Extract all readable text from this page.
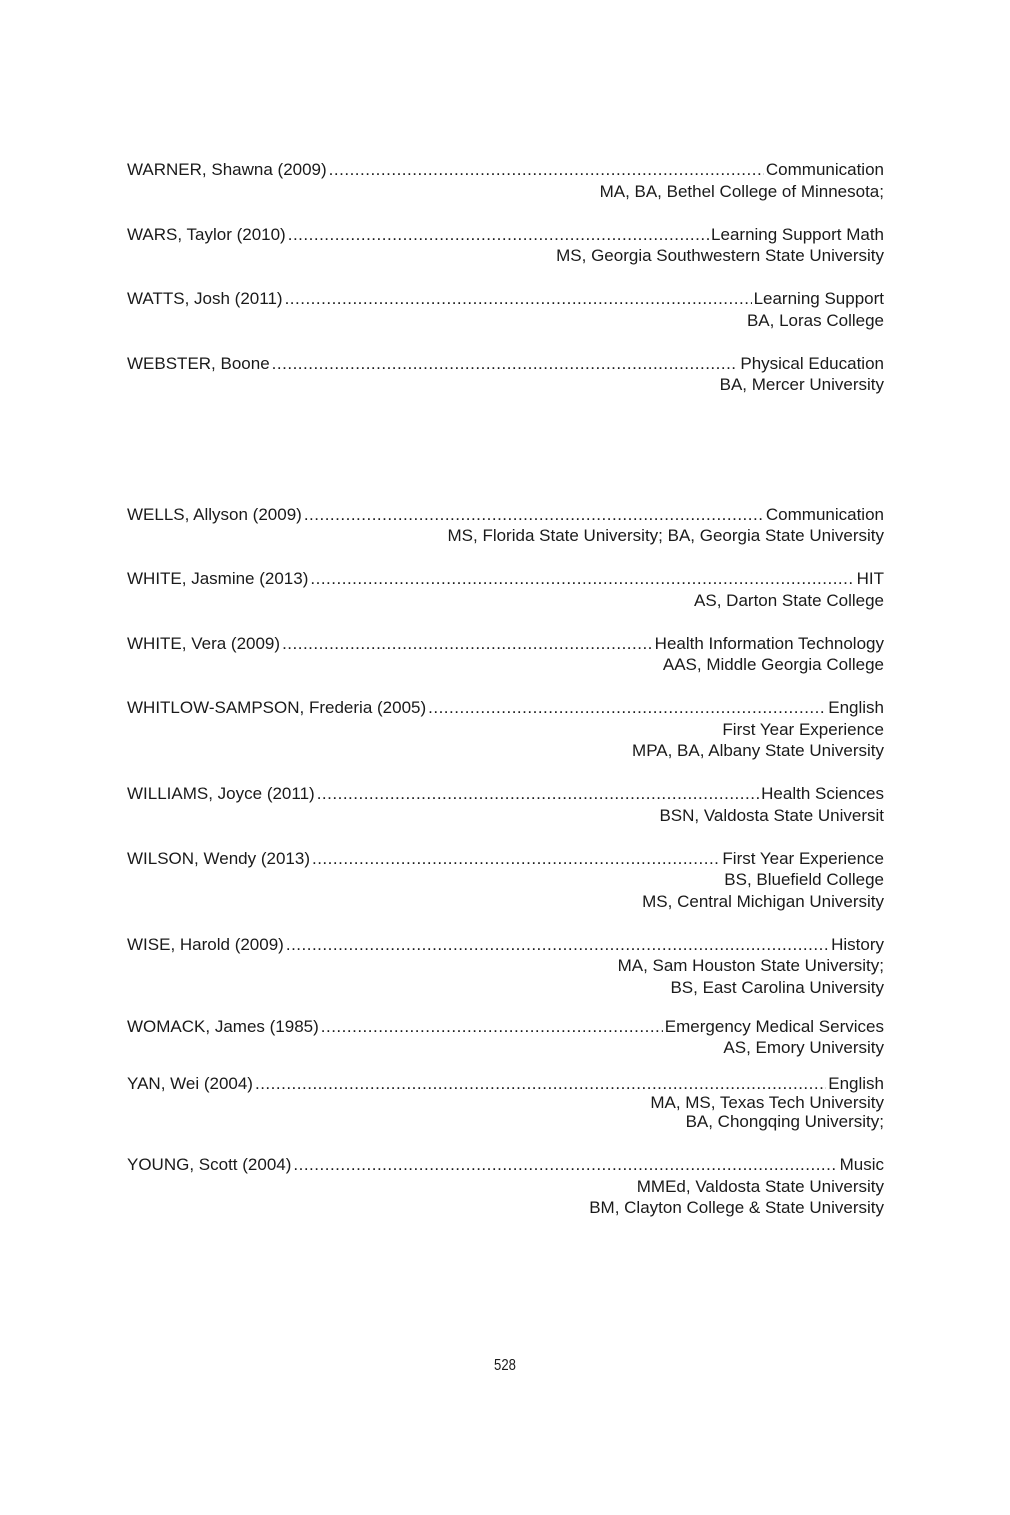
WARNER, Shawna (2009) .....	Communication
MA, BA, Bethel College of Minnesota;
WARS, Taylor (2010) .....	Learning Support Math
MS, Georgia Southwestern State University
WATTS, Josh (2011) .....	Learning Support
BA, Loras College
WEBSTER, Boone .....	Physical Education
BA, Mercer University
WELLS, Allyson (2009) .....	Communication
MS, Florida State University; BA, Georgia State University
WHITE, Jasmine (2013) .....	HIT
AS, Darton State College
WHITE, Vera (2009) .....	Health Information Technology
AAS, Middle Georgia College
WHITLOW-SAMPSON, Frederia (2005) .....	English
First Year Experience
MPA, BA, Albany State University
WILLIAMS, Joyce (2011) .....	Health Sciences
BSN, Valdosta State Universit
WILSON, Wendy (2013) .....	First Year Experience
BS, Bluefield College
MS, Central Michigan University
WISE, Harold (2009) .....	History
MA, Sam Houston State University;
BS, East Carolina University
WOMACK, James (1985) .....	Emergency Medical Services
AS, Emory University
YAN, Wei (2004) .....	English
MA, MS, Texas Tech University
BA, Chongqing University;
YOUNG, Scott (2004) .....	Music
MMEd, Valdosta State University
BM, Clayton College & State University
528
